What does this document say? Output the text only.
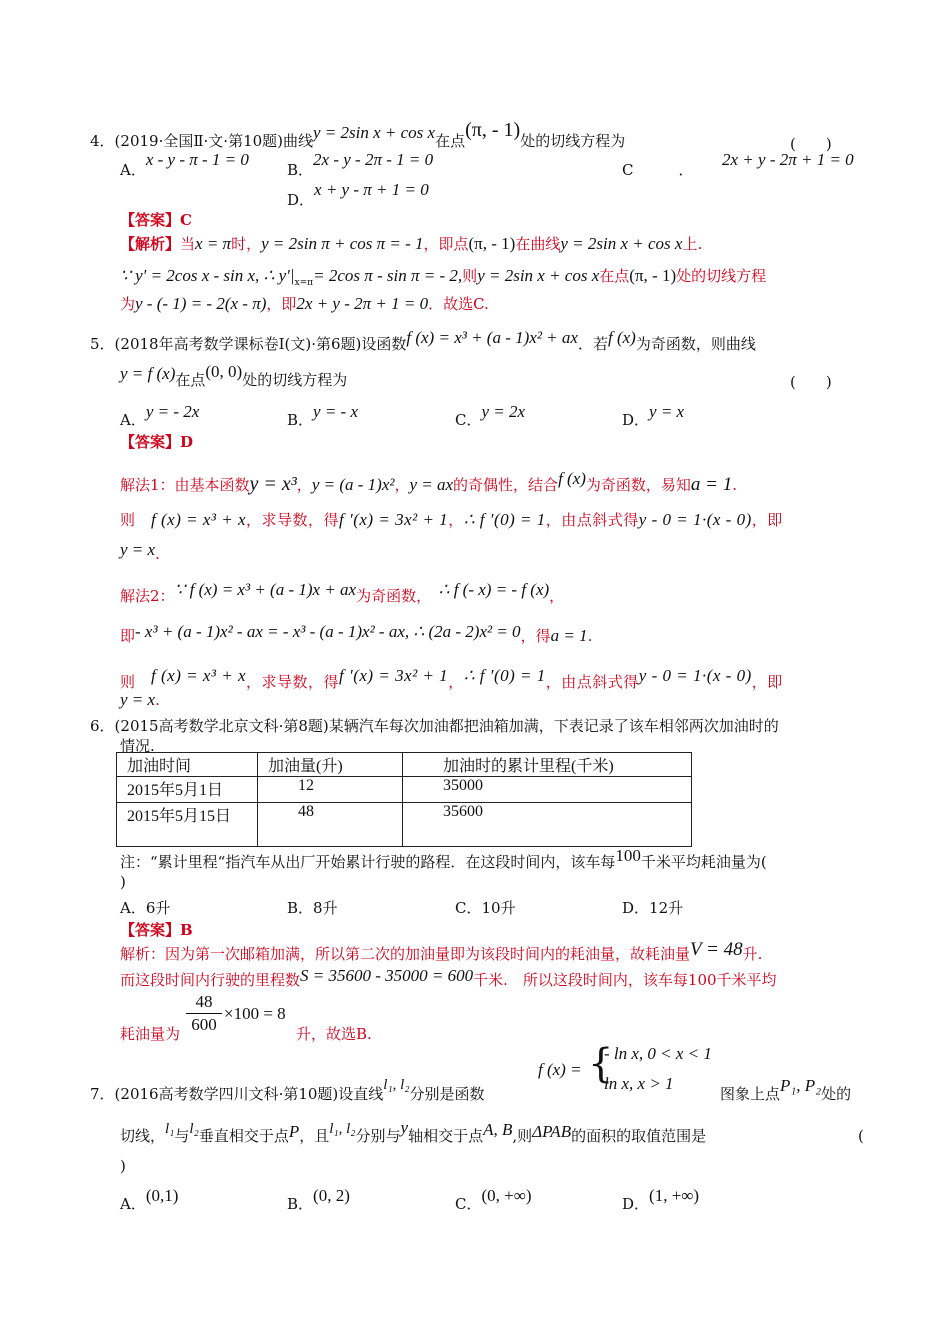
4．(2019·全国Ⅱ·文·第10题)曲线y = 2sin x + cos x在点(π, - 1)处的切线方程为	(　　)
A．x - y - π - 1 = 0
B．2x - y - 2π - 1 = 0
C　　　．
2x + y - 2π + 1 = 0
D．x + y - π + 1 = 0
【答案】C
【解析】当x = π时，y = 2sin π + cos π = - 1，即点(π, - 1)在曲线y = 2sin x + cos x上.
∵ y′ = 2cos x - sin x, ∴ $y'|_{x=\pi}= 2\cos$ π - sin π = - 2,则y = 2sin x + cos x在点(π, - 1)处的切线方程
为y - (- 1) = - 2(x - π)，即2x + y - 2π + 1 = 0．故选C.
5．(2018年高考数学课标卷Ⅰ(文)·第6题)设函数f (x) = x³ + (a - 1)x² + ax．若f (x)为奇函数，则曲线
y = f (x)在点(0, 0)处的切线方程为	(　　)
A．y = - 2x	B．y = - x	C．y = 2x	D．y = x
【答案】D
解法1：由基本函数y = x³，y = (a - 1)x²，y = ax的奇偶性，结合f (x)为奇函数，易知a = 1.
则　 f (x) = x³ + x，求导数，得f ′(x) = 3x² + 1，∴ f ′(0) = 1，由点斜式得y - 0 = 1·(x - 0)，即
y = x.
解法2：∵ f (x) = x³ + (a - 1)x + ax为奇函数，　 ∴ f (- x) = - f (x)，
即- x³ + (a - 1)x² - ax = - x³ - (a - 1)x² - ax, ∴ (2a - 2)x² = 0，得a = 1.
则　 f (x) = x³ + x，求导数，得f ′(x) = 3x² + 1，∴ f ′(0) = 1，由点斜式得y - 0 = 1·(x - 0)，即
y = x.
6．(2015高考数学北京文科·第8题)某辆汽车每次加油都把油箱加满，下表记录了该车相邻两次加油时的
情况.
加油时间	加油量(升)	加油时的累计里程(千米)
2015年5月1日	12	35000
2015年5月15日	48	35600
注：“累计里程“指汽车从出厂开始累计行驶的路程．在这段时间内，该车每100千米平均耗油量为(
)
A．6升	B．8升	C．10升	D．12升
【答案】B
解析：因为第一次邮箱加满，所以第二次的加油量即为该段时间内的耗油量，故耗油量V = 48升.
而这段时间内行驶的里程数S = 35600 - 35000 = 600千米.　所以这段时间内，该车每100千米平均
耗油量为
48
600
×100 = 8
升，故选B.
7．(2016高考数学四川文科·第10题)设直线l₁, l₂分别是函数
f (x) = {
- ln x, 0 < x < 1
ln x, x > 1
图象上点P₁, P₂处的
切线，l₁与l₂垂直相交于点P，且l₁, l₂分别与y轴相交于点A, B,则ΔPAB的面积的取值范围是	(
)
A．(0,1)	B．(0, 2)	C．(0, +∞)	D．(1, +∞)
